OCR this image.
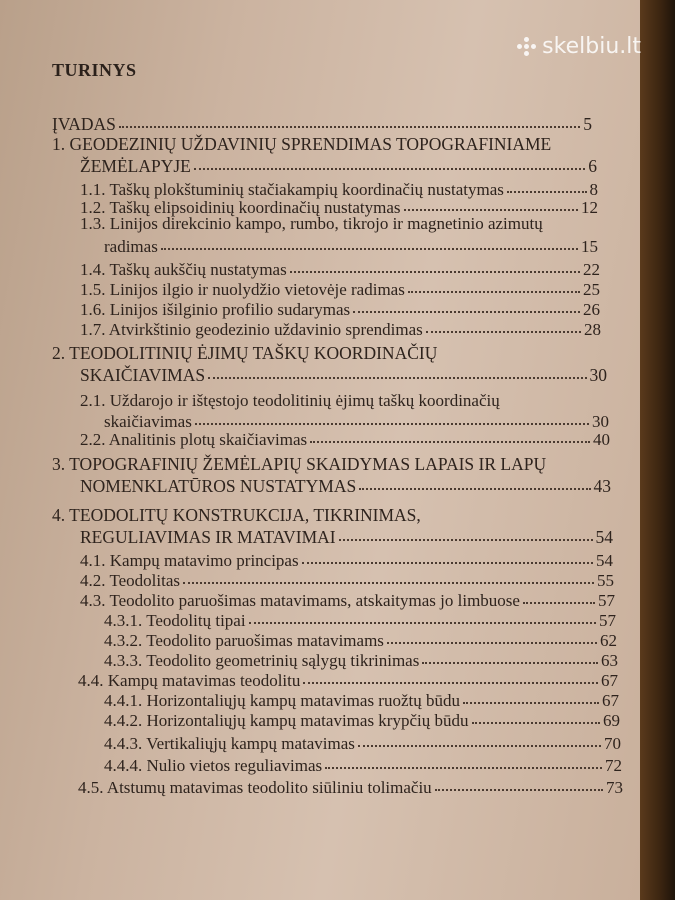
skelbiu.lt
TURINYS
ĮVADAS	5
1. GEODEZINIŲ UŽDAVINIŲ SPRENDIMAS TOPOGRAFINIAME
ŽEMĖLAPYJE	6
1.1. Taškų plokštuminių stačiakampių koordinačių nustatymas	8
1.2. Taškų elipsoidinių koordinačių nustatymas	12
1.3. Linijos direkcinio kampo, rumbo, tikrojo ir magnetinio azimutų
radimas	15
1.4. Taškų aukščių nustatymas	22
1.5. Linijos ilgio ir nuolydžio vietovėje radimas	25
1.6. Linijos išilginio profilio sudarymas	26
1.7. Atvirkštinio geodezinio uždavinio sprendimas	28
2. TEODOLITINIŲ ĖJIMŲ TAŠKŲ KOORDINAČIŲ
SKAIČIAVIMAS	30
2.1. Uždarojo ir ištęstojo teodolitinių ėjimų taškų koordinačių
skaičiavimas	30
2.2. Analitinis plotų skaičiavimas	40
3. TOPOGRAFINIŲ ŽEMĖLAPIŲ SKAIDYMAS LAPAIS IR LAPŲ
NOMENKLATŪROS NUSTATYMAS	43
4. TEODOLITŲ KONSTRUKCIJA, TIKRINIMAS,
REGULIAVIMAS IR MATAVIMAI	54
4.1. Kampų matavimo principas	54
4.2. Teodolitas	55
4.3. Teodolito paruošimas matavimams, atskaitymas jo limbuose	57
4.3.1. Teodolitų tipai	57
4.3.2. Teodolito paruošimas matavimams	62
4.3.3. Teodolito geometrinių sąlygų tikrinimas	63
4.4. Kampų matavimas teodolitu	67
4.4.1. Horizontaliųjų kampų matavimas ruožtų būdu	67
4.4.2. Horizontaliųjų kampų matavimas krypčių būdu	69
4.4.3. Vertikaliųjų kampų matavimas	70
4.4.4. Nulio vietos reguliavimas	72
4.5. Atstumų matavimas teodolito siūliniu tolimačiu	73
